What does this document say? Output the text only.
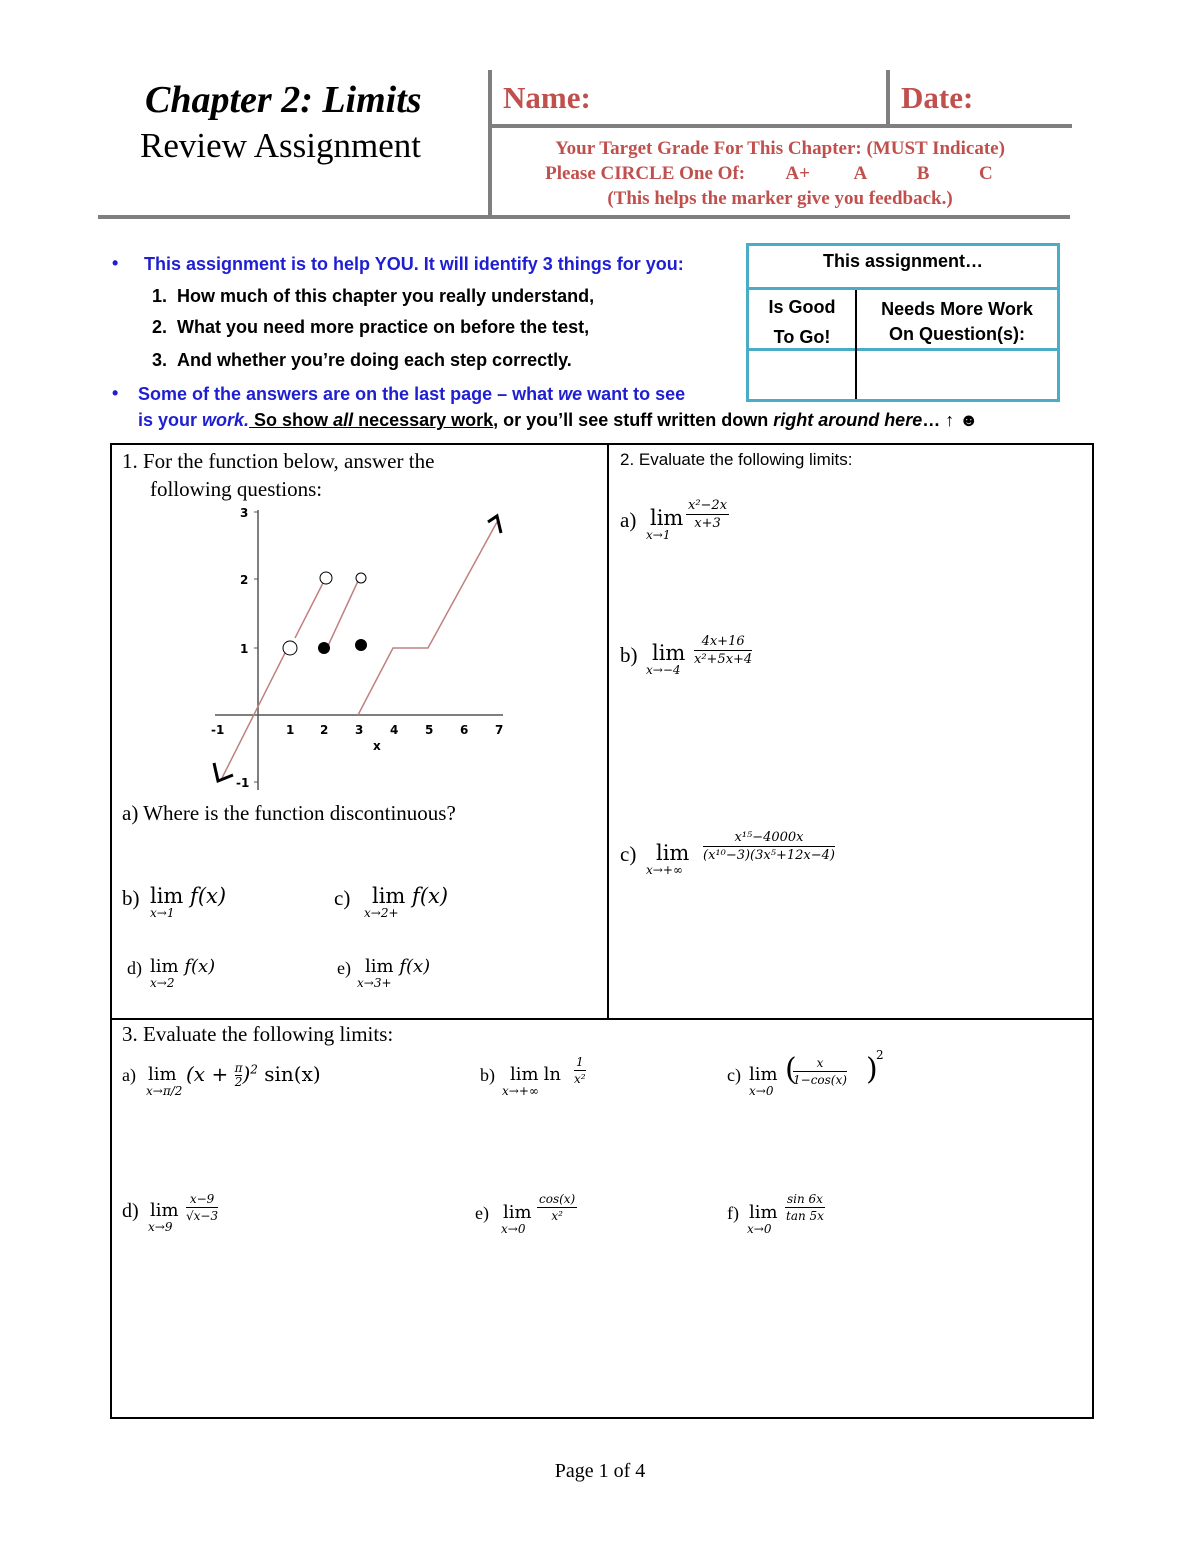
Chapter 2: Limits
Review Assignment
Name:	Date:
Your Target Grade For This Chapter: (MUST Indicate)
Please CIRCLE One Of: A+ A	B	C
(This helps the marker give you feedback.)
• This assignment is to help YOU. It will identify 3 things for you:
1.  How much of this chapter you really understand,
2.  What you need more practice on before the test,
3.  And whether you’re doing each step correctly.
• Some of the answers are on the last page – what we want to see
is your work. So show all necessary work, or you’ll see stuff written down right around here… ↑ ☻
This assignment…
Is Good
To Go!
Needs More Work
On Question(s):
1. For the function below, answer the
following questions:
3
2
1
-1
-1	1 2 3 4 5 6 7
x
a) Where is the function discontinuous?
b) lim f(x)
x→1
c) lim f(x)
x→2+
d) lim f(x)
x→2
e) lim f(x)
x→3+
2. Evaluate the following limits:
a) lim
x→1
$\frac{\text{x²−2x}}{x+3}$
b) lim
x→−4
$\frac{4x+16}{\text{x²+5x+4}}$
c) lim
x→+∞
$\frac{\text{x¹⁵−4000x}}{\text{(x¹⁰−3)(3x⁵+12x−4)}}$
3. Evaluate the following limits:
a) lim
x→π/2
$(x + \frac{\pi}{2} )^2$ sin(x)	b) lim ln
x→+∞
$\frac{1}{\text{x²}}$	c) lim
x→0
(
$\frac{x}{1-\cos(x)}$ )
2
d) lim
x→9
$\frac{x-9}{√x-3}$	e) lim
x→0
$\frac{\cos(x)}{\text{x²}}$	f) lim
x→0
$\frac{\sin 6x}{\tan 5x}$
Page 1 of 4
